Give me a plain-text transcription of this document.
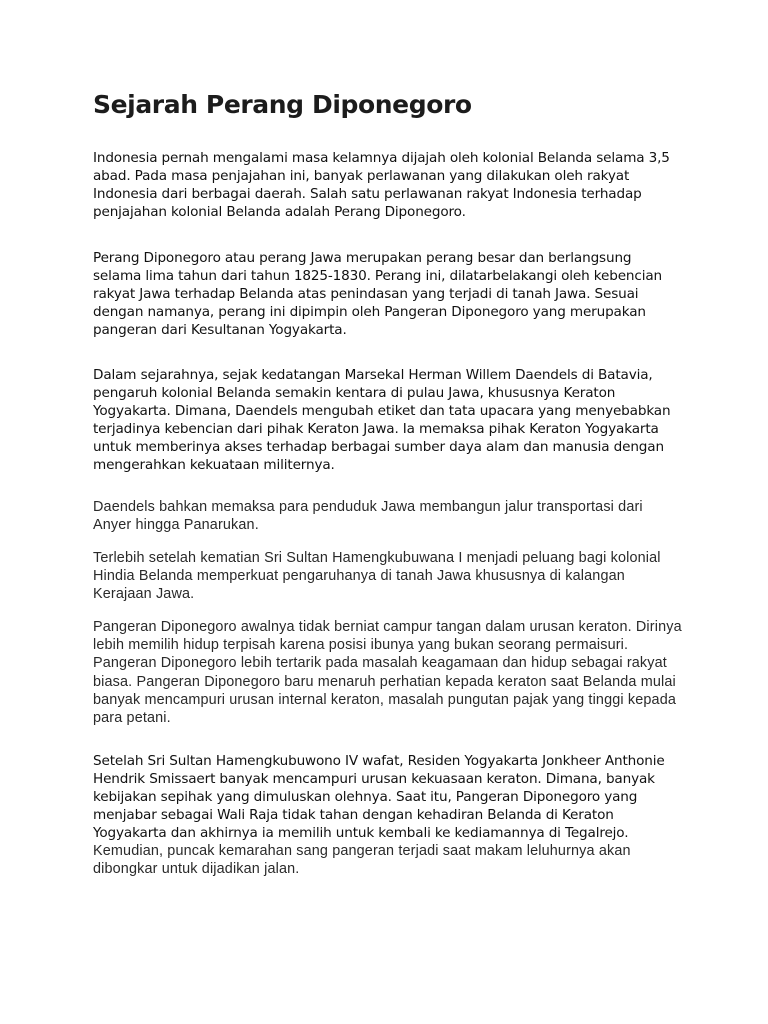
Sejarah Perang Diponegoro

Indonesia pernah mengalami masa kelamnya dijajah oleh kolonial Belanda selama 3,5 abad. Pada masa penjajahan ini, banyak perlawanan yang dilakukan oleh rakyat Indonesia dari berbagai daerah. Salah satu perlawanan rakyat Indonesia terhadap penjajahan kolonial Belanda adalah Perang Diponegoro.

Perang Diponegoro atau perang Jawa merupakan perang besar dan berlangsung selama lima tahun dari tahun 1825-1830. Perang ini, dilatarbelakangi oleh kebencian rakyat Jawa terhadap Belanda atas penindasan yang terjadi di tanah Jawa. Sesuai dengan namanya, perang ini dipimpin oleh Pangeran Diponegoro yang merupakan pangeran dari Kesultanan Yogyakarta.

Dalam sejarahnya, sejak kedatangan Marsekal Herman Willem Daendels di Batavia, pengaruh kolonial Belanda semakin kentara di pulau Jawa, khususnya Keraton Yogyakarta. Dimana, Daendels mengubah etiket dan tata upacara yang menyebabkan terjadinya kebencian dari pihak Keraton Jawa. Ia memaksa pihak Keraton Yogyakarta untuk memberinya akses terhadap berbagai sumber daya alam dan manusia dengan mengerahkan kekuataan militernya.

Daendels bahkan memaksa para penduduk Jawa membangun jalur transportasi dari Anyer hingga Panarukan.

Terlebih setelah kematian Sri Sultan Hamengkubuwana I menjadi peluang bagi kolonial Hindia Belanda memperkuat pengaruhanya di tanah Jawa khususnya di kalangan Kerajaan Jawa.

Pangeran Diponegoro awalnya tidak berniat campur tangan dalam urusan keraton. Dirinya lebih memilih hidup terpisah karena posisi ibunya yang bukan seorang permaisuri. Pangeran Diponegoro lebih tertarik pada masalah keagamaan dan hidup sebagai rakyat biasa. Pangeran Diponegoro baru menaruh perhatian kepada keraton saat Belanda mulai banyak mencampuri urusan internal keraton, masalah pungutan pajak yang tinggi kepada para petani.

Setelah Sri Sultan Hamengkubuwono IV wafat, Residen Yogyakarta Jonkheer Anthonie Hendrik Smissaert banyak mencampuri urusan kekuasaan keraton. Dimana, banyak kebijakan sepihak yang dimuluskan olehnya. Saat itu, Pangeran Diponegoro yang menjabar sebagai Wali Raja tidak tahan dengan kehadiran Belanda di Keraton Yogyakarta dan akhirnya ia memilih untuk kembali ke kediamannya di Tegalrejo.
Kemudian, puncak kemarahan sang pangeran terjadi saat makam leluhurnya akan dibongkar untuk dijadikan jalan.
